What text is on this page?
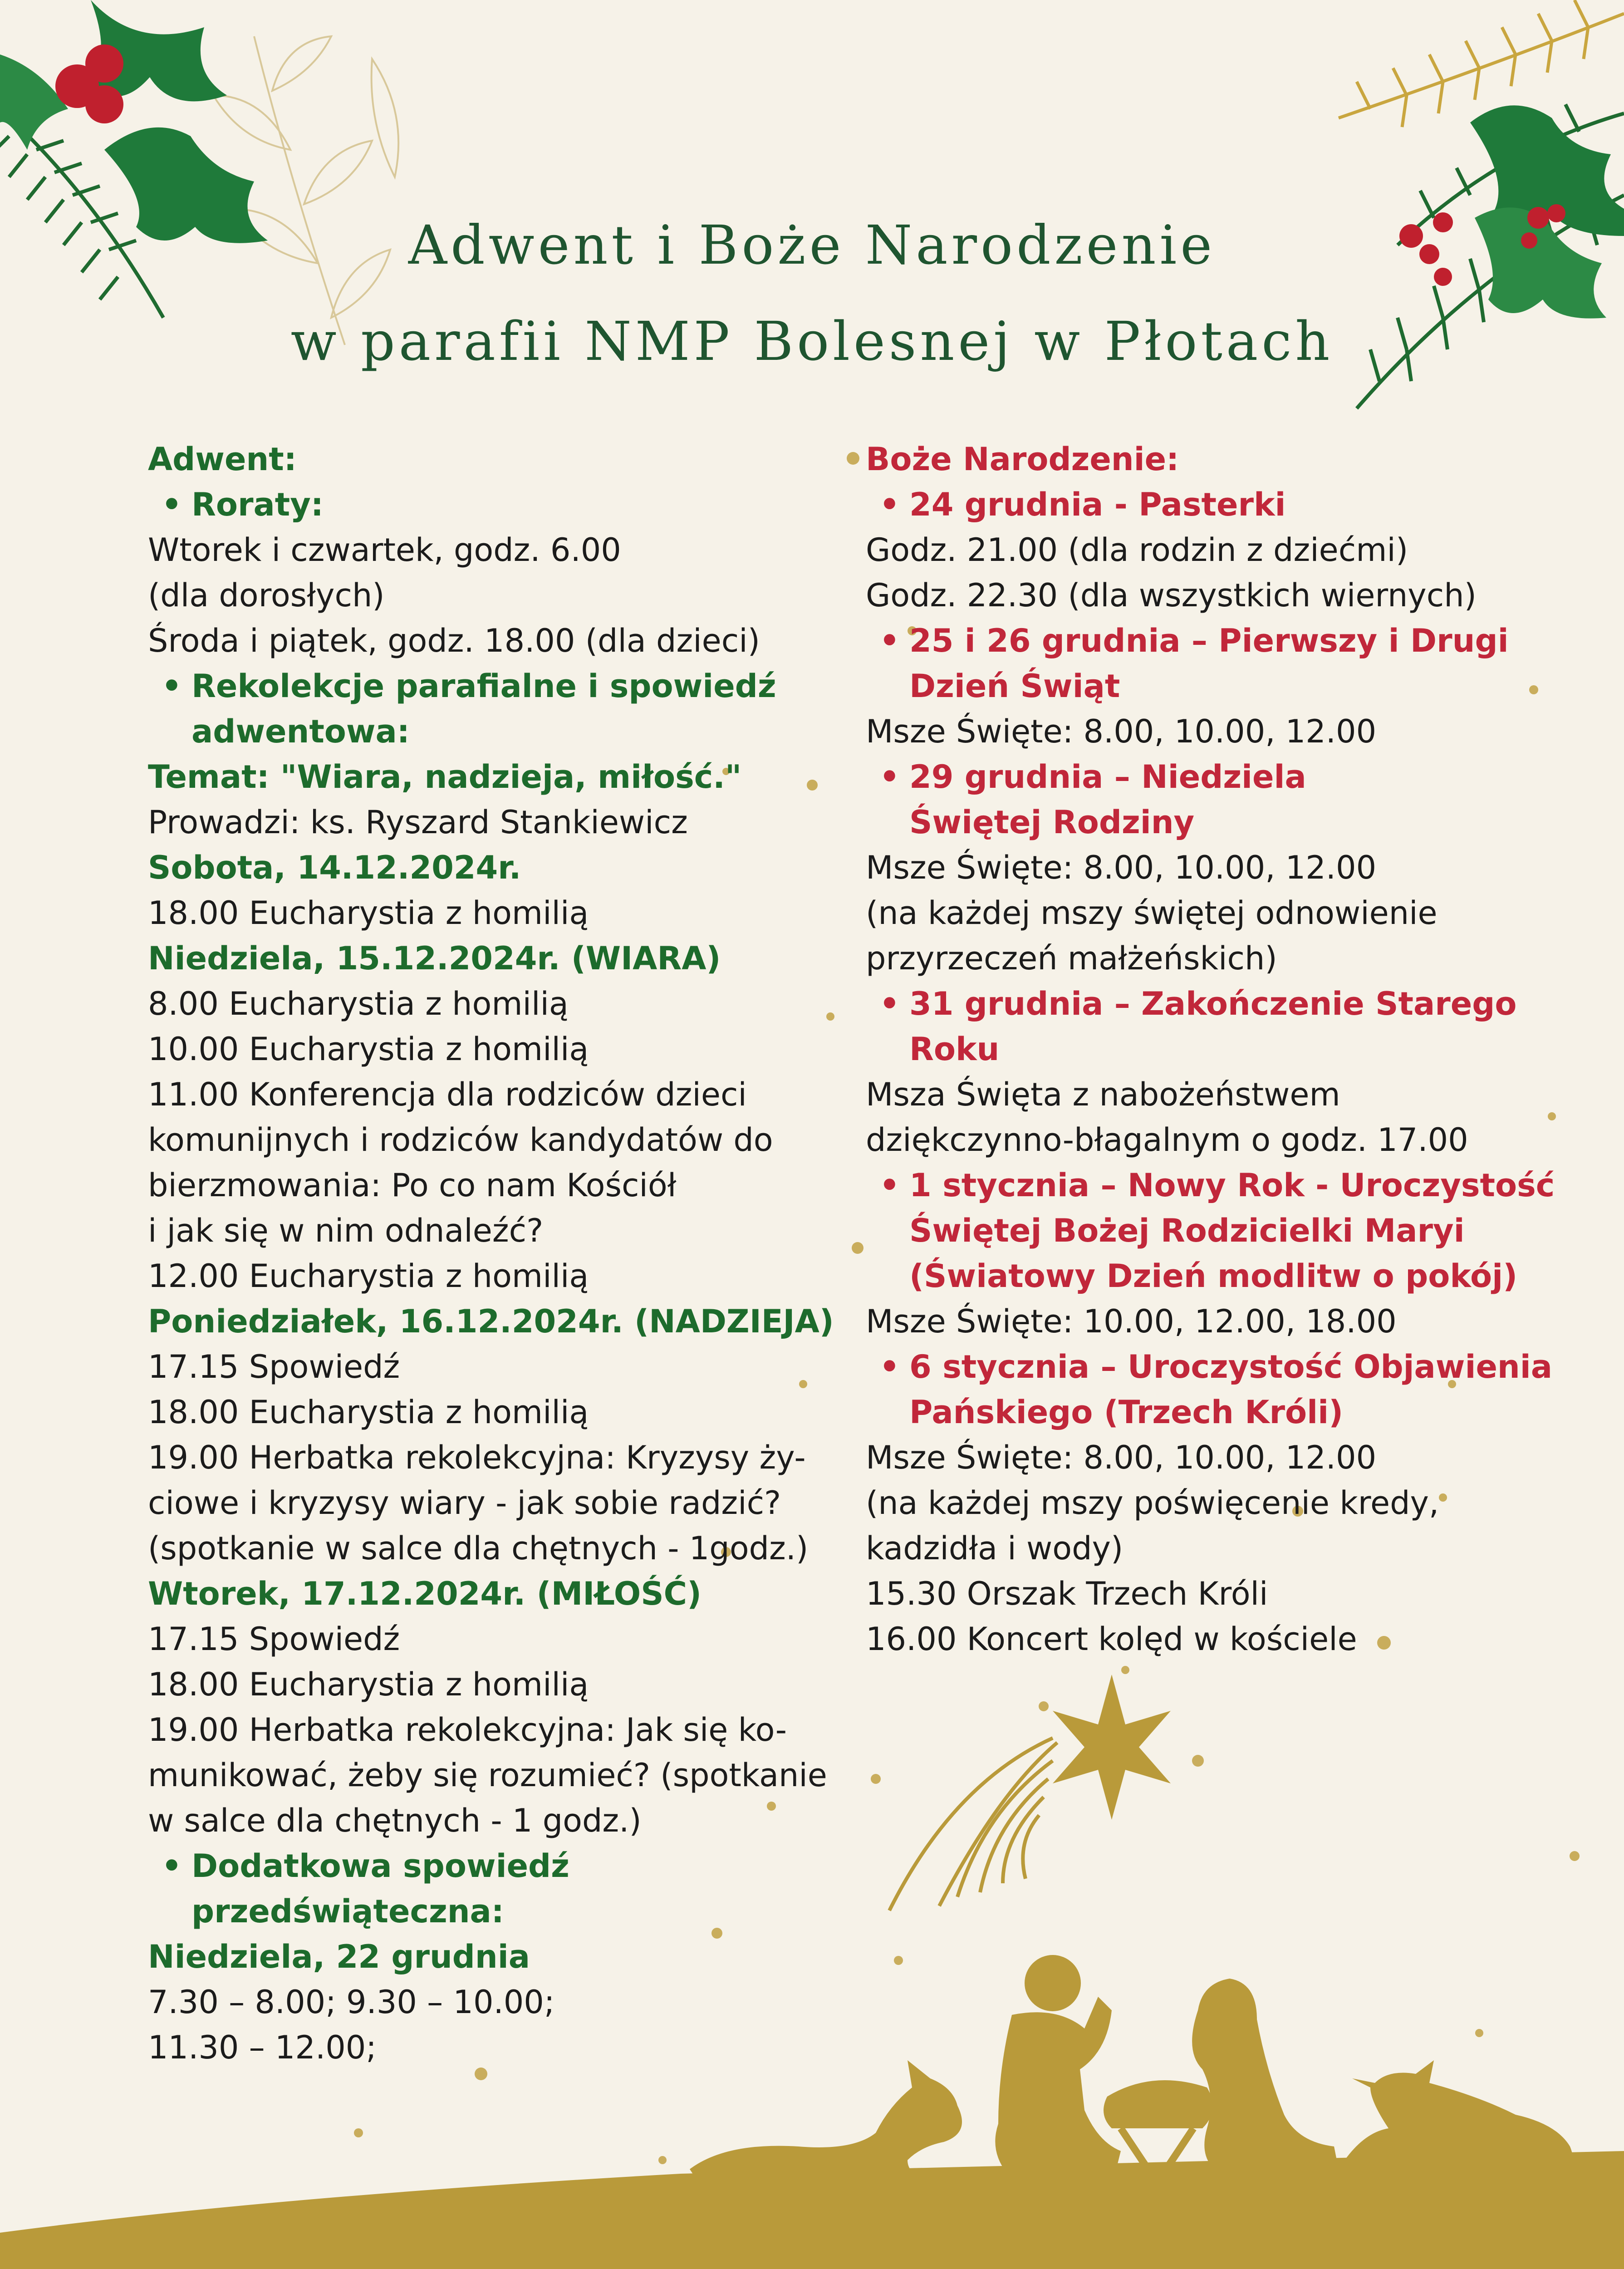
Adwent i Boże Narodzenie
w parafii NMP Bolesnej w Płotach
Adwent:
• Roraty:
Wtorek i czwartek, godz. 6.00
(dla dorosłych)
Środa i piątek, godz. 18.00 (dla dzieci)
• Rekolekcje parafialne i spowiedź
adwentowa:
Temat: "Wiara, nadzieja, miłość."
Prowadzi: ks. Ryszard Stankiewicz
Sobota, 14.12.2024r.
18.00 Eucharystia z homilią
Niedziela, 15.12.2024r. (WIARA)
8.00 Eucharystia z homilią
10.00 Eucharystia z homilią
11.00 Konferencja dla rodziców dzieci
komunijnych i rodziców kandydatów do
bierzmowania: Po co nam Kościół
i jak się w nim odnaleźć?
12.00 Eucharystia z homilią
Poniedziałek, 16.12.2024r. (NADZIEJA)
17.15 Spowiedź
18.00 Eucharystia z homilią
19.00 Herbatka rekolekcyjna: Kryzysy ży-
ciowe i kryzysy wiary - jak sobie radzić?
(spotkanie w salce dla chętnych - 1godz.)
Wtorek, 17.12.2024r. (MIŁOŚĆ)
17.15 Spowiedź
18.00 Eucharystia z homilią
19.00 Herbatka rekolekcyjna: Jak się ko-
munikować, żeby się rozumieć? (spotkanie
w salce dla chętnych - 1 godz.)
• Dodatkowa spowiedź
przedświąteczna:
Niedziela, 22 grudnia
7.30 – 8.00; 9.30 – 10.00;
11.30 – 12.00;
Boże Narodzenie:
• 24 grudnia - Pasterki
Godz. 21.00 (dla rodzin z dziećmi)
Godz. 22.30 (dla wszystkich wiernych)
• 25 i 26 grudnia – Pierwszy i Drugi
Dzień Świąt
Msze Święte: 8.00, 10.00, 12.00
• 29 grudnia – Niedziela
Świętej Rodziny
Msze Święte: 8.00, 10.00, 12.00
(na każdej mszy świętej odnowienie
przyrzeczeń małżeńskich)
• 31 grudnia – Zakończenie Starego
Roku
Msza Święta z nabożeństwem
dziękczynno-błagalnym o godz. 17.00
• 1 stycznia – Nowy Rok - Uroczystość
Świętej Bożej Rodzicielki Maryi
(Światowy Dzień modlitw o pokój)
Msze Święte: 10.00, 12.00, 18.00
• 6 stycznia – Uroczystość Objawienia
Pańskiego (Trzech Króli)
Msze Święte: 8.00, 10.00, 12.00
(na każdej mszy poświęcenie kredy,
kadzidła i wody)
15.30 Orszak Trzech Króli
16.00 Koncert kolęd w kościele
